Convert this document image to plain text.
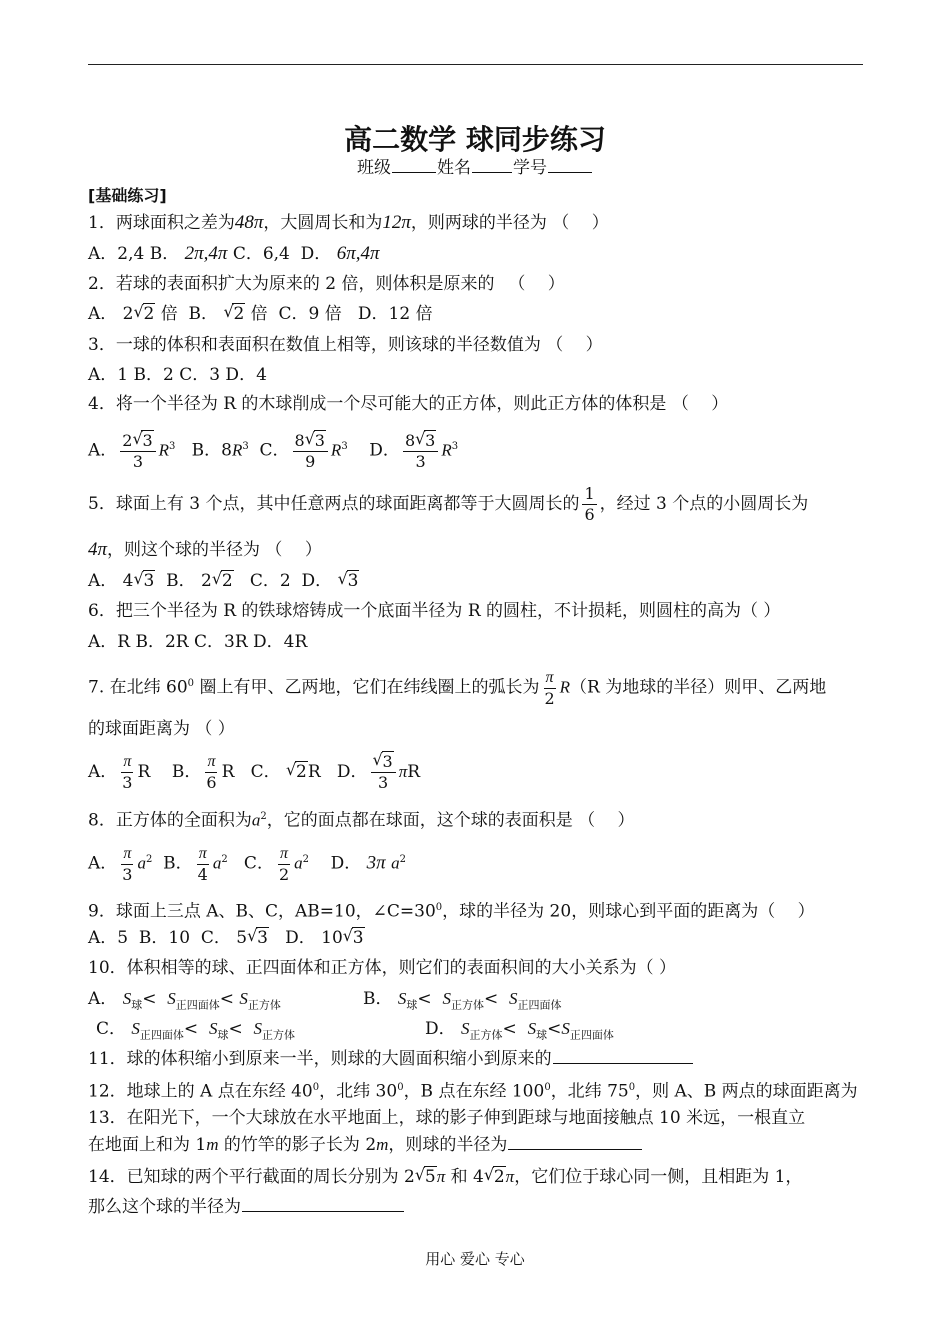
高二数学 球同步练习
班级	姓名 学号
[基础练习]
1．两球面积之差为48π，大圆周长和为12π，则两球的半径为 （　 ）
A．2,4 B． 2π,4π C．6,4  D． 6π,4π
2．若球的表面积扩大为原来的 2 倍，则体积是原来的 　（　 ）
A． 2 √ 2 倍  B． √ 2 倍  C．9 倍   D．12 倍
3．一球的体积和表面积在数值上相等，则该球的半径数值为 （　 ）
A．1 B．2 C．3 D．4
4．将一个半径为 R 的木球削成一个尽可能大的正方体，则此正方体的体积是 （　 ）
A． $\frac{2 √ 3}{3} R^3$   B．$8R^3$  C． $\frac{8 √ 3}{9} R^3$    D． $\frac{8 √ 3}{3} R^3$
5．球面上有 3 个点，其中任意两点的球面距离都等于大圆周长的 $\frac{1}{6}$ ，经过 3 个点的小圆周长为
4π，则这个球的半径为 （　 ）
A． 4 √ 3  B． 2 √ 2   C．2  D． √ 3
6．把三个半径为 R 的铁球熔铸成一个底面半径为 R 的圆柱，不计损耗，则圆柱的高为（ ）
A．R B．2R C．3R D．4R
7. 在北纬 $60^0$ 圈上有甲、乙两地，它们在纬线圈上的弧长为 $\frac{\pi}{2} R(R$ 为地球的半径）则甲、乙两地
的球面距离为 （ ）
A． $\frac{\pi}{3}$ R    B． $\frac{\pi}{6}$ R   C． √ 2R   D． √ $\frac{3}{3}$ πR
8．正方体的全面积为$a^2$，它的面点都在球面，这个球的表面积是 （　 ）
A． $\frac{\pi}{3} a^2$  B． $\frac{\pi}{4} a^2$   C． $\frac{\pi}{2} a^2$    D． 3π $a^2$
9．球面上三点 A、B、C，AB=10，$\angle C=30^0$，球的半径为 20，则球心到平面的距离为（　 ）
A．5  B．10  C． 5 √ 3   D． 10 √ 3
10．体积相等的球、正四面体和正方体，则它们的表面积间的大小关系为（ ）
A． $S_球< S_{正四面体}< S_{正方体}$	B． $S_球< S_{正方体}< S_{正四面体}$
C． $S_{正四面体}< S_球< S_{正方体}$	D． $S_{正方体}< S_球<S_{正四面体}$
11．球的体积缩小到原来一半，则球的大圆面积缩小到原来的
12．地球上的 A 点在东经 $40^0$，北纬 $30^0$，B 点在东经 $100^0$，北纬 $75^0$，则 A、B 两点的球面距离为
13．在阳光下，一个大球放在水平地面上，球的影子伸到距球与地面接触点 10 米远，一根直立
在地面上和为 1m 的竹竿的影子长为 2m，则球的半径为
14．已知球的两个平行截面的周长分别为 2 √ 5π 和 4 √ 2π，它们位于球心同一侧，且相距为 1，
那么这个球的半径为
用心 爱心 专心
